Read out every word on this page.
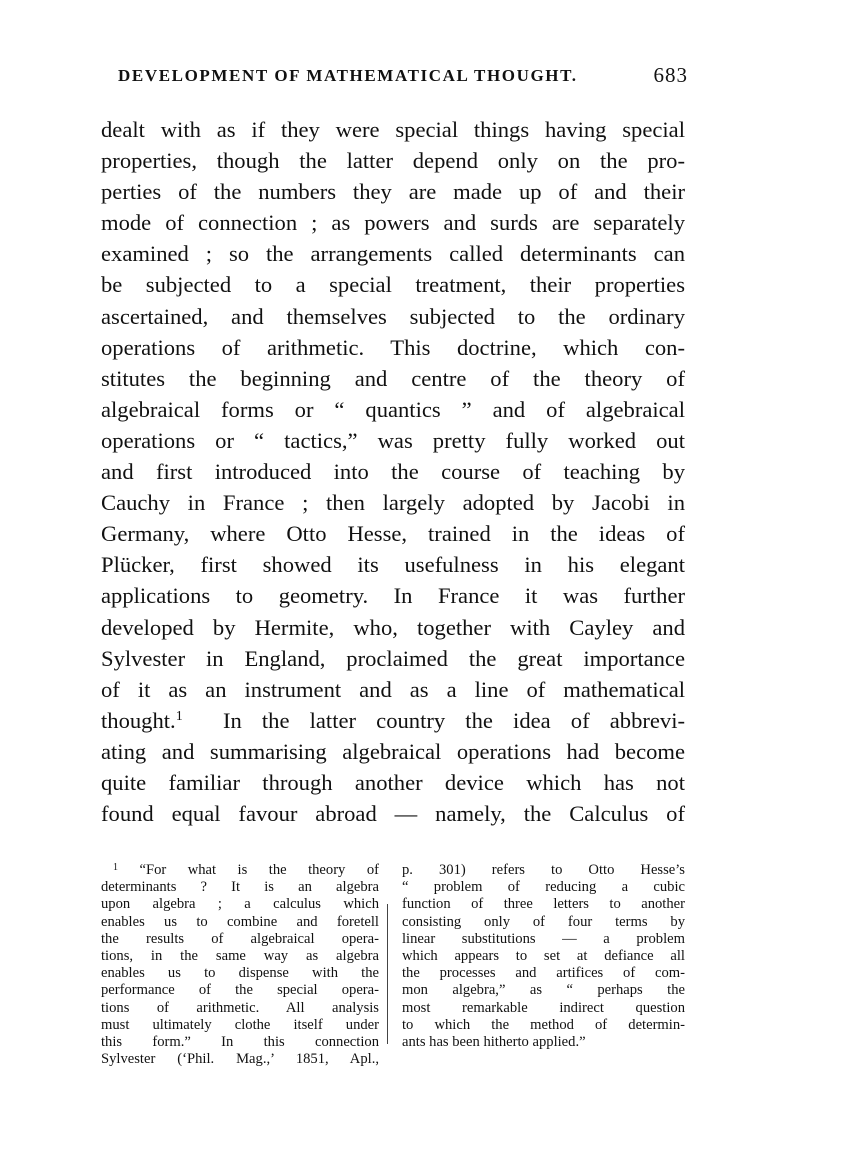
DEVELOPMENT OF MATHEMATICAL THOUGHT.	683
dealt with as if they were special things having special
properties, though the latter depend only on the pro-
perties of the numbers they are made up of and their
mode of connection ; as powers and surds are separately
examined ; so the arrangements called determinants can
be subjected to a special treatment, their properties
ascertained, and themselves subjected to the ordinary
operations of arithmetic. This doctrine, which con-
stitutes the beginning and centre of the theory of
algebraical forms or “ quantics ” and of algebraical
operations or “ tactics,” was pretty fully worked out
and first introduced into the course of teaching by
Cauchy in France ; then largely adopted by Jacobi in
Germany, where Otto Hesse, trained in the ideas of
Plücker, first showed its usefulness in his elegant
applications to geometry. In France it was further
developed by Hermite, who, together with Cayley and
Sylvester in England, proclaimed the great importance
of it as an instrument and as a line of mathematical
thought.$^1$ In the latter country the idea of abbrevi-
ating and summarising algebraical operations had become
quite familiar through another device which has not
found equal favour abroad — namely, the Calculus of
$^1$ “For what is the theory of
determinants ? It is an algebra
upon algebra ; a calculus which
enables us to combine and foretell
the results of algebraical opera-
tions, in the same way as algebra
enables us to dispense with the
performance of the special opera-
tions of arithmetic. All analysis
must ultimately clothe itself under
this form.” In this connection
Sylvester (‘Phil. Mag.,’ 1851, Apl.,
p. 301) refers to Otto Hesse’s
“ problem of reducing a cubic
function of three letters to another
consisting only of four terms by
linear substitutions — a problem
which appears to set at defiance all
the processes and artifices of com-
mon algebra,” as “ perhaps the
most remarkable indirect question
to which the method of determin-
ants has been hitherto applied.”
